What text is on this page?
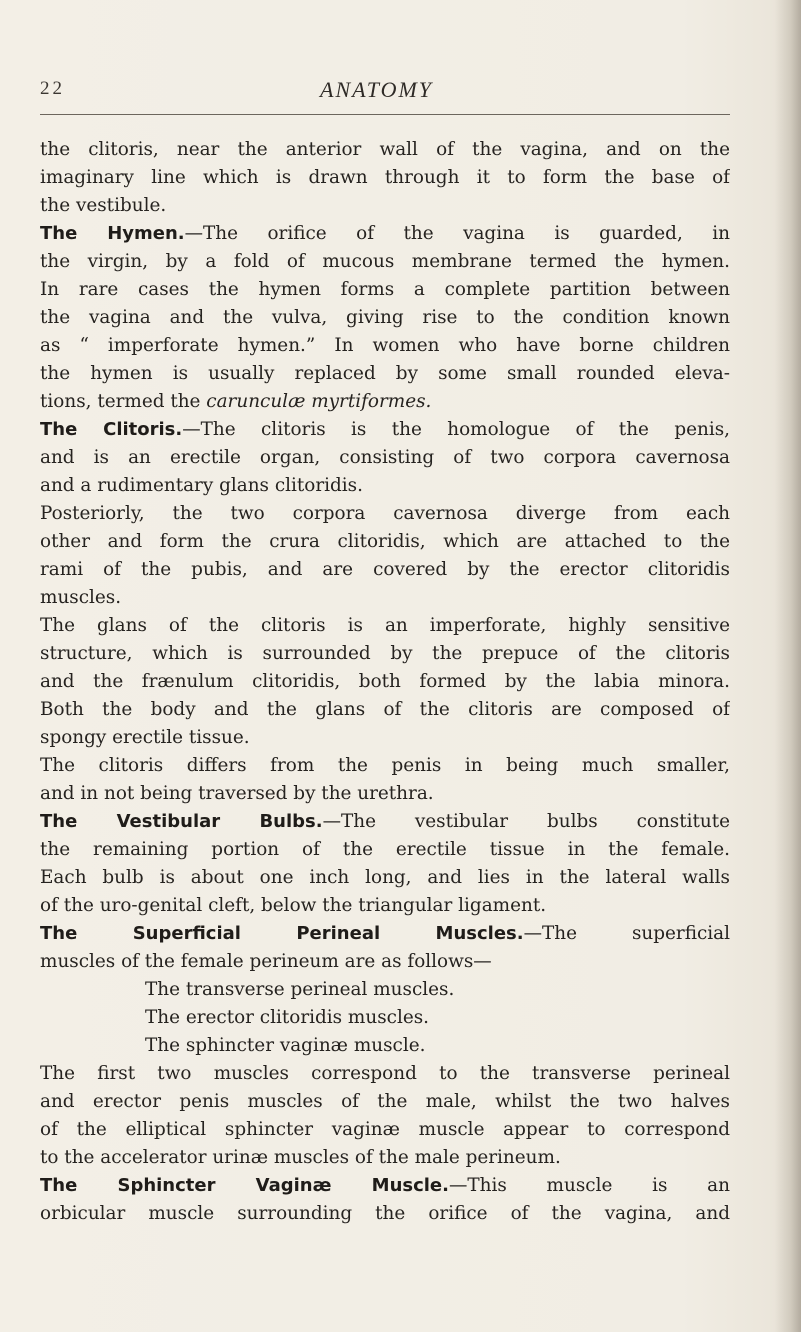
22	ANATOMY
the clitoris, near the anterior wall of the vagina, and on the
imaginary line which is drawn through it to form the base of
the vestibule.
The Hymen.—The orifice of the vagina is guarded, in
the virgin, by a fold of mucous membrane termed the hymen.
In rare cases the hymen forms a complete partition between
the vagina and the vulva, giving rise to the condition known
as “ imperforate hymen.” In women who have borne children
the hymen is usually replaced by some small rounded eleva-
tions, termed the carunculæ myrtiformes.
The Clitoris.—The clitoris is the homologue of the penis,
and is an erectile organ, consisting of two corpora cavernosa
and a rudimentary glans clitoridis.
Posteriorly, the two corpora cavernosa diverge from each
other and form the crura clitoridis, which are attached to the
rami of the pubis, and are covered by the erector clitoridis
muscles.
The glans of the clitoris is an imperforate, highly sensitive
structure, which is surrounded by the prepuce of the clitoris
and the frænulum clitoridis, both formed by the labia minora.
Both the body and the glans of the clitoris are composed of
spongy erectile tissue.
The clitoris differs from the penis in being much smaller,
and in not being traversed by the urethra.
The Vestibular Bulbs.—The vestibular bulbs constitute
the remaining portion of the erectile tissue in the female.
Each bulb is about one inch long, and lies in the lateral walls
of the uro-genital cleft, below the triangular ligament.
The Superficial Perineal Muscles.—The superficial
muscles of the female perineum are as follows—
The transverse perineal muscles.
The erector clitoridis muscles.
The sphincter vaginæ muscle.
The first two muscles correspond to the transverse perineal
and erector penis muscles of the male, whilst the two halves
of the elliptical sphincter vaginæ muscle appear to correspond
to the accelerator urinæ muscles of the male perineum.
The Sphincter Vaginæ Muscle.—This muscle is an
orbicular muscle surrounding the orifice of the vagina, and
